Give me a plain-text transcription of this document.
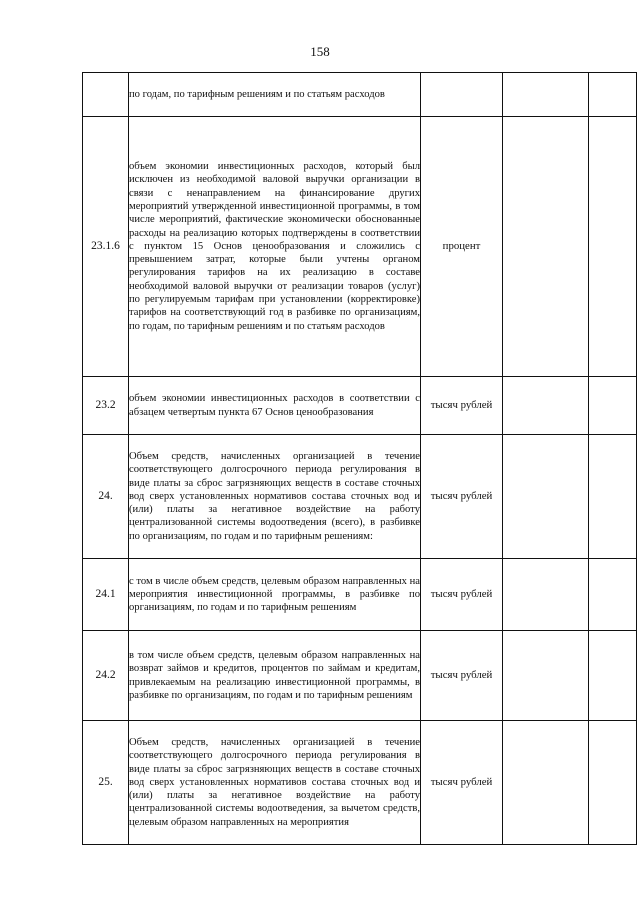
158
	по годам, по тарифным решениям и по статьям расходов			
23.1.6	объем экономии инвестиционных расходов, который был исключен из необходимой валовой выручки организации в связи с ненаправлением на финансирование других мероприятий утвержденной инвестиционной программы, в том числе мероприятий, фактические экономически обоснованные расходы на реализацию которых подтверждены в соответствии с пунктом 15 Основ ценообразования и сложились с превышением затрат, которые были учтены органом регулирования тарифов на их реализацию в составе необходимой валовой выручки от реализации товаров (услуг) по регулируемым тарифам при установлении (корректировке) тарифов на соответствующий год в разбивке по организациям, по годам, по тарифным решениям и по статьям расходов	процент		
23.2	объем экономии инвестиционных расходов в соответствии с абзацем четвертым пункта 67 Основ ценообразования	тысяч рублей		
24.	Объем средств, начисленных организацией в течение соответствующего долгосрочного периода регулирования в виде платы за сброс загрязняющих веществ в составе сточных вод сверх установленных нормативов состава сточных вод и (или) платы за негативное воздействие на работу централизованной системы водоотведения (всего), в разбивке по организациям, по годам и по тарифным решениям:	тысяч рублей		
24.1	с том в числе объем средств, целевым образом направленных на мероприятия инвестиционной программы, в разбивке по организациям, по годам и по тарифным решениям	тысяч рублей		
24.2	в том числе объем средств, целевым образом направленных на возврат займов и кредитов, процентов по займам и кредитам, привлекаемым на реализацию инвестиционной программы, в разбивке по организациям, по годам и по тарифным решениям	тысяч рублей		
25.	Объем средств, начисленных организацией в течение соответствующего долгосрочного периода регулирования в виде платы за сброс загрязняющих веществ в составе сточных вод сверх установленных нормативов состава сточных вод и (или) платы за негативное воздействие на работу централизованной системы водоотведения, за вычетом средств, целевым образом направленных на мероприятия	тысяч рублей		
